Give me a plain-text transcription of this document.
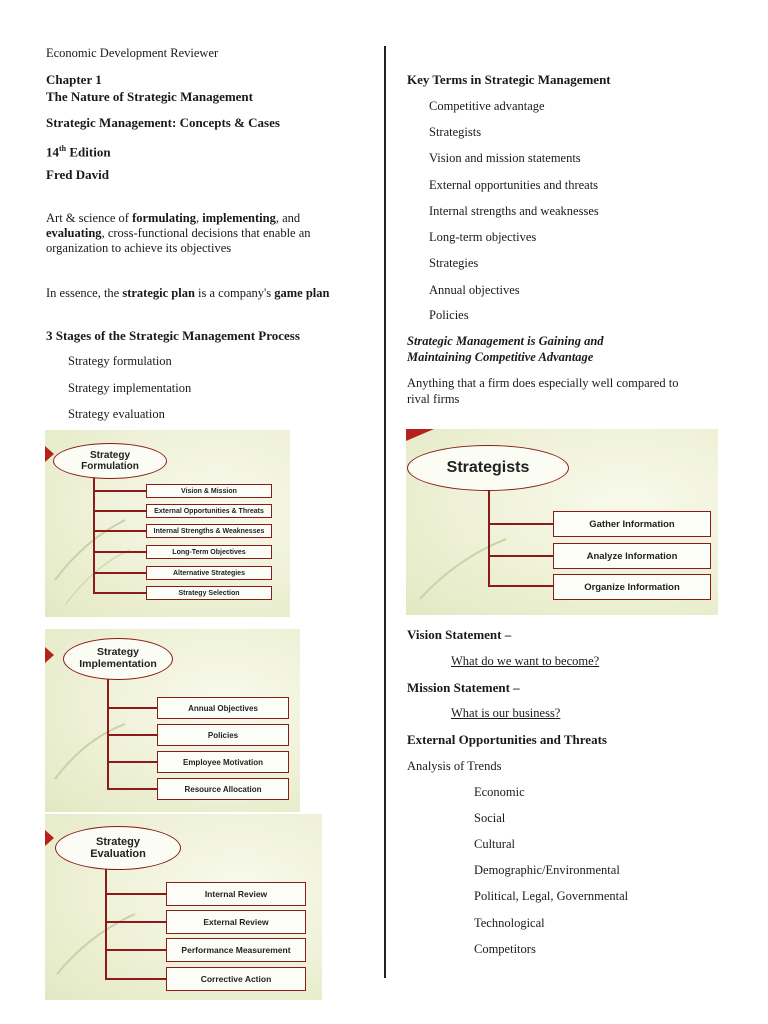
Economic Development Reviewer
Chapter 1
The Nature of Strategic Management
Strategic Management: Concepts & Cases
14th Edition
Fred David
Art & science of formulating, implementing, and evaluating, cross-functional decisions that enable an organization to achieve its objectives
In essence, the strategic plan is a company's game plan
3 Stages of the Strategic Management Process
Strategy formulation
Strategy implementation
Strategy evaluation
Strategy
Formulation
Vision & Mission
External Opportunities & Threats
Internal Strengths & Weaknesses
Long-Term Objectives
Alternative Strategies
Strategy Selection
Strategy
Implementation
Annual Objectives
Policies
Employee Motivation
Resource Allocation
Strategy
Evaluation
Internal Review
External Review
Performance Measurement
Corrective Action
Key Terms in Strategic Management
Competitive advantage
Strategists
Vision and mission statements
External opportunities and threats
Internal strengths and weaknesses
Long-term objectives
Strategies
Annual objectives
Policies
Strategic Management is Gaining and
Maintaining Competitive Advantage
Anything that a firm does especially well compared to
rival firms
Strategists
Gather Information
Analyze Information
Organize Information
Vision Statement –
What do we want to become?
Mission Statement –
What is our business?
External Opportunities and Threats
Analysis of Trends
Economic
Social
Cultural
Demographic/Environmental
Political, Legal, Governmental
Technological
Competitors
